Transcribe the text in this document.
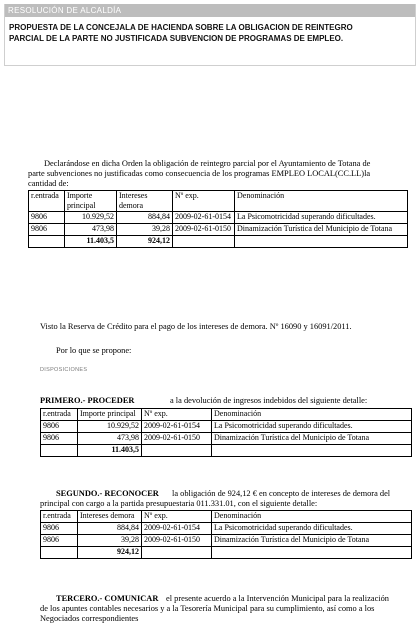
RESOLUCIÓN DE ALCALDÍA
PROPUESTA DE LA CONCEJALA DE HACIENDA SOBRE LA OBLIGACION DE REINTEGRO
PARCIAL DE LA PARTE NO JUSTIFICADA SUBVENCION DE PROGRAMAS DE EMPLEO.
Declarándose en dicha Orden la obligación de reintegro parcial por el Ayuntamiento de Totana de
parte subvenciones no justificadas como consecuencia de los programas EMPLEO LOCAL(CC.LL)la
cantidad de:
r.entrada	Importe principal	Intereses demora	Nº exp.	Denominación
9806	10.929,52	884,84	2009-02-61-0154	La Psicomotricidad superando dificultades.
9806	473,98	39,28	2009-02-61-0150	Dinamización Turística del Municipio de Totana
	11.403,5	924,12		
Visto la Reserva de Crédito para el pago de los intereses de demora. Nº 16090 y 16091/2011.
Por lo que se propone:
DISPOSICIONES
PRIMERO.- PROCEDER	a la devolución de ingresos indebidos del siguiente detalle:
r.entrada	Importe principal	Nº exp.	Denominación
9806	10.929,52	2009-02-61-0154	La Psicomotricidad superando dificultades.
9806	473,98	2009-02-61-0150	Dinamización Turística del Municipio de Totana
	11.403,5		
SEGUNDO.- RECONOCER la obligación de 924,12 € en concepto de intereses de demora del
principal con cargo a la partida presupuestaria 011.331.01, con el siguiente detalle:
r.entrada	Intereses demora	Nº exp.	Denominación
9806	884,84	2009-02-61-0154	La Psicomotricidad superando dificultades.
9806	39,28	2009-02-61-0150	Dinamización Turística del Municipio de Totana
	924,12		
TERCERO.- COMUNICAR el presente acuerdo a la Intervención Municipal para la realización
de los apuntes contables necesarios y a la Tesorería Municipal para su cumplimiento, así como a los
Negociados correspondientes
